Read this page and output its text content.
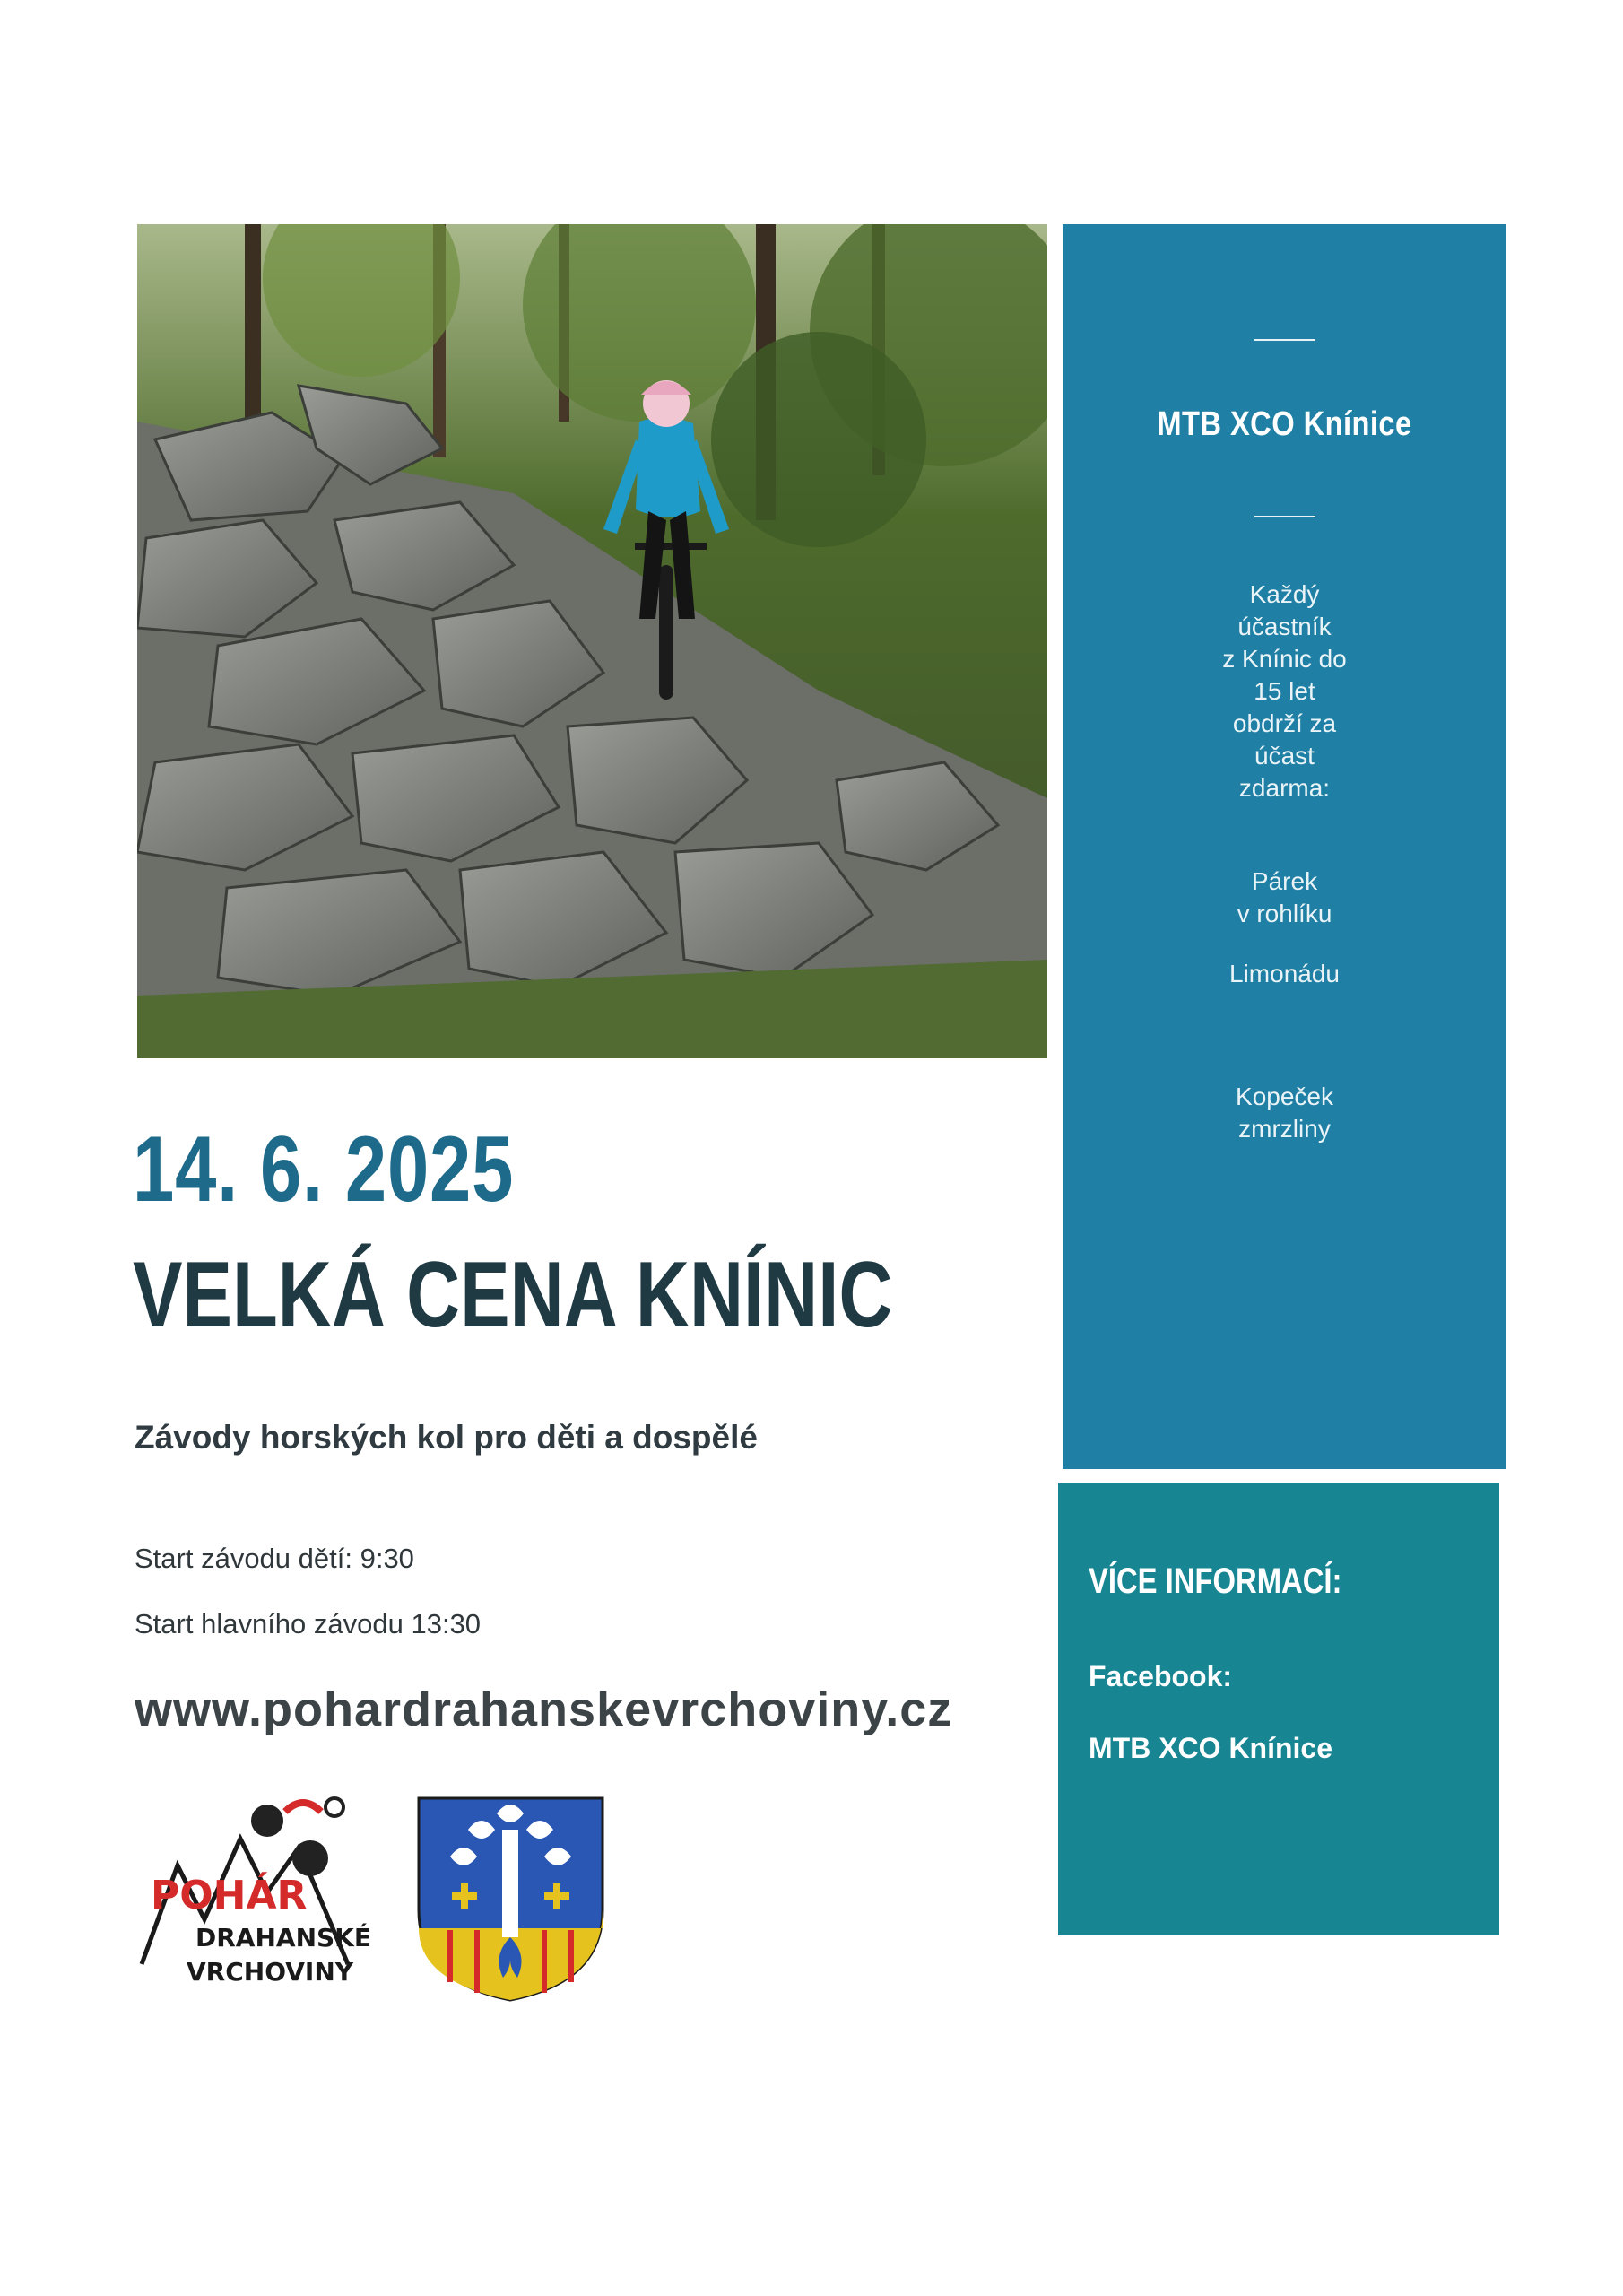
MTB XCO Knínice
Každý
účastník
z Knínic do
15 let
obdrží za
účast
zdarma:
Párek
v rohlíku
Limonádu
Kopeček
zmrzliny
VÍCE INFORMACÍ:
Facebook:
MTB XCO Knínice
14. 6. 2025
VELKÁ CENA KNÍNIC
Závody horských kol pro děti a dospělé
Start závodu dětí: 9:30
Start hlavního závodu 13:30
www.pohardrahanskevrchoviny.cz
POHÁR
DRAHANSKÉ
VRCHOVINY
